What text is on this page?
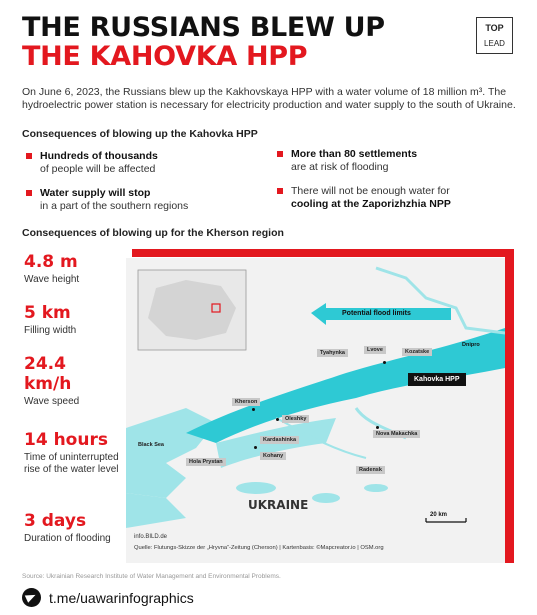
THE RUSSIANS BLEW UP
THE KAHOVKA HPP
TOP
LEAD

On June 6, 2023, the Russians blew up the Kakhovskaya HPP with a water volume of 18 million m³. The hydroelectric power station is necessary for electricity production and water supply to the south of Ukraine.

Consequences of blowing up the Kahovka HPP
Hundreds of thousands
of people will be affected
Water supply will stop
in a part of the southern regions
More than 80 settlements
are at risk of flooding
There will not be enough water for
cooling at the Zaporizhzhia NPP
Consequences of blowing up for the Kherson region
4.8 m
Wave height
5 km
Filling width
24.4 km/h
Wave speed
14 hours
Time of uninterrupted rise of the water level
3 days
Duration of flooding
Potential flood limits
Dnipro
Kahovka HPP
Black Sea
UKRAINE
20 km
info.BILD.de
Quelle: Flutungs-Skizze der „Hryvna“-Zeitung (Cherson) | Kartenbasis: ©Mapcreator.io | OSM.org
Tyahynka	Lvove	Kozatske
Kherson
Oleshky
Kardashinka
Kohany
Hola Prystan
Nova Makachka
Radensk
Source: Ukrainian Research Institute of Water Management and Environmental Problems.
t.me/uawarinfographics
